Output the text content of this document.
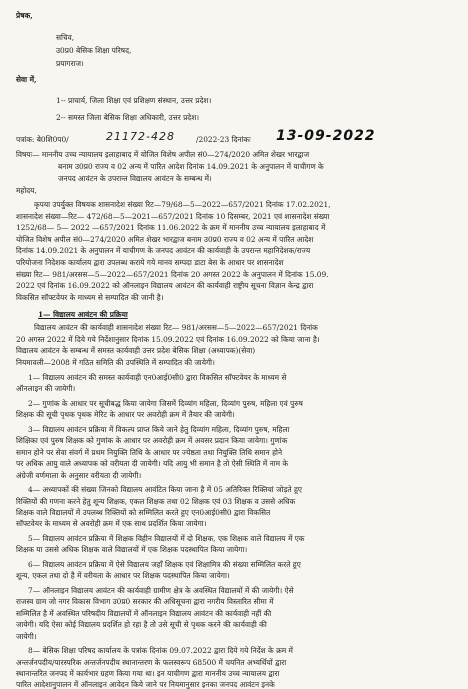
प्रेषक,
सचिव,
उ0प्र0 बेसिक शिक्षा परिषद,
प्रयागराज।
सेवा में,
1-- प्राचार्य, जिला शिक्षा एवं प्रशिक्षण संस्थान, उत्तर प्रदेश।
2-- समस्त जिला बेसिक शिक्षा अधिकारी, उत्तर प्रदेश।
पत्रांक: बे0शि0प0/	21172-428	/2022-23 दिनांकः 13-09-2022
विषयः— माननीय उच्च न्यायालय इलाहाबाद में योजित विशेष अपील सं0—274/2020 अमित शेखर भारद्वाज
बनाम उ0प्र0 राज्य व 02 अन्य में पारित आदेश दिनांक 14.09.2021 के अनुपालन में याचीगण के
जनपद आवंटन के उपरान्त विद्यालय आवंटन के सम्बन्ध में।
महोदय,
कृपया उपर्युक्त विषयक शासनादेश संख्या रिट—79/68—5—2022—657/2021 दिनांक 17.02.2021,
शासनादेश संख्या—रिट— 472/68—5—2021—657/2021 दिनांक 10 दिसम्बर, 2021 एवं शासनादेश संख्या
1252/68— 5— 2022 —657/2021 दिनांक 11.06.2022 के क्रम में माननीय उच्च न्यायालय इलाहाबाद में
योजित विशेष अपील सं0—274/2020 अमित शेखर भारद्वाज बनाम उ0प्र0 राज्य व 02 अन्य में पारित आदेश
दिनांक 14.09.2021 के अनुपालन में याचीगण के जनपद आवंटन की कार्यवाही के उपरान्त महानिदेशक/राज्य
परियोजना निदेशक कार्यालय द्वारा उपलब्ध कराये गये मानव सम्पदा डाटा बेस के आधार पर शासनादेश
संख्या रिट— 981/अरसस—5—2022—657/2021 दिनांक 20 अगस्त 2022 के अनुपालन में दिनांक 15.09.
2022 एवं दिनांक 16.09.2022 को ऑनलाइन विद्यालय आवंटन की कार्यवाही राष्ट्रीय सूचना विज्ञान केन्द्र द्वारा
विकसित सॉफ्टवेयर के माध्यम से सम्पादित की जानी है।
1— विद्यालय आवंटन की प्रक्रिया
विद्यालय आवंटन की कार्यवाही शासनादेश संख्या रिट— 981/अरसस—5—2022—657/2021 दिनांक
20 अगस्त 2022 में दिये गये निर्देशानुसार दिनांक 15.09.2022 एवं दिनांक 16.09.2022 को किया जाना है।
विद्यालय आवंटन के सम्बन्ध में समस्त कार्यवाही उत्तर प्रदेश बेसिक शिक्षा (अध्यापक)(सेवा)
नियमावली—2008 में गठित समिति की उपस्थिति में सम्पादित की जायेगी।
1— विद्यालय आवंटन की समस्त कार्यवाही एन0आई0सी0 द्वारा विकसित सॉफ्टवेयर के माध्यम से
ऑनलाइन की जायेगी।
2— गुणांक के आधार पर सूचीबद्ध किया जायेगा जिसमें दिव्यांग महिला, दिव्यांग पुरुष, महिला एवं पुरुष
शिक्षक की सूची पृथक पृथक मेरिट के आधार पर अवरोही क्रम में तैयार की जायेगी।
3— विद्यालय आवंटन प्रक्रिया में विकल्प प्राप्त किये जाने हेतु दिव्यांग महिला, दिव्यांग पुरुष, महिला
शिक्षिका एवं पुरुष शिक्षक को गुणांक के आधार पर अवरोही क्रम में अवसर प्रदान किया जायेगा। गुणांक
समान होने पर सेवा संवर्ग में प्रथम नियुक्ति तिथि के आधार पर ज्येष्ठता तथा नियुक्ति तिथि समान होने
पर अधिक आयु वाले अध्यापक को वरीयता दी जायेगी। यदि आयु भी समान है तो ऐसी स्थिति में नाम के
अंग्रेजी वर्णमाला के अनुसार वरीयता दी जायेगी।
4— अध्यापकों की संख्या जिनको विद्यालय आवंटित किया जाना है में 05 अतिरिक्त रिक्तियां जोड़ते हुए
रिक्तियों की गणना करने हेतु शून्य शिक्षक, एकल शिक्षक तथा 02 शिक्षक एवं 03 शिक्षक व उससे अधिक
शिक्षक वाले विद्यालयों में उपलब्ध रिक्तियों को सम्मिलित करते हुए एन0आई0सी0 द्वारा विकसित
सॉफ्टवेयर के माध्यम से अवरोही क्रम में एक साथ प्रदर्शित किया जायेगा।
5— विद्यालय आवंटन प्रक्रिया में शिक्षक विहीन विद्यालयों में दो शिक्षक, एक शिक्षक वाले विद्यालय में एक
शिक्षक या उससे अधिक शिक्षक वाले विद्यालयों में एक शिक्षक पदस्थापित किया जायेगा।
6— विद्यालय आवंटन प्रक्रिया में ऐसे विद्यालय जहाँ शिक्षक एवं शिक्षामित्र की संख्या सम्मिलित करते हुए
शून्य, एकल तथा दो है में वरीयता के आधार पर शिक्षक पदस्थापित किया जायेगा।
7— ऑनलाइन विद्यालय आवंटन की कार्यवाही ग्रामीण क्षेत्र के अवस्थित विद्यालयों में की जायेगी। ऐसे
राजस्व ग्राम जो नगर विकास विभाग उ0प्र0 सरकार की अधिसूचना द्वारा नगरीय विस्तारित सीमा में
सम्मिलित है में अवस्थित परिषदीय विद्यालयों में ऑनलाइन विद्यालय आवंटन की कार्यवाही नहीं की
जायेगी। यदि ऐसा कोई विद्यालय प्रदर्शित हो रहा है तो उसे सूची से पृथक करने की कार्यवाही की
जायेगी।
8— बेसिक शिक्षा परिषद कार्यालय के पत्रांक दिनांक 09.07.2022 द्वारा दिये गये निर्देश के क्रम में
अन्तर्जनपदीय/पारस्परिक अन्तर्जनपदीय स्थानान्तरण के फलस्वरूप 68500 में चयनित अभ्यर्थियों द्वारा
स्थानान्तरित जनपद में कार्यभार ग्रहण किया गया था। इन याचीगण द्वारा माननीय उच्च न्यायालय द्वारा
पारित आदेशानुपालन में ऑनलाइन आवेदन किये जाने पर नियमानुसार इनका जनपद आवंटन इनके
